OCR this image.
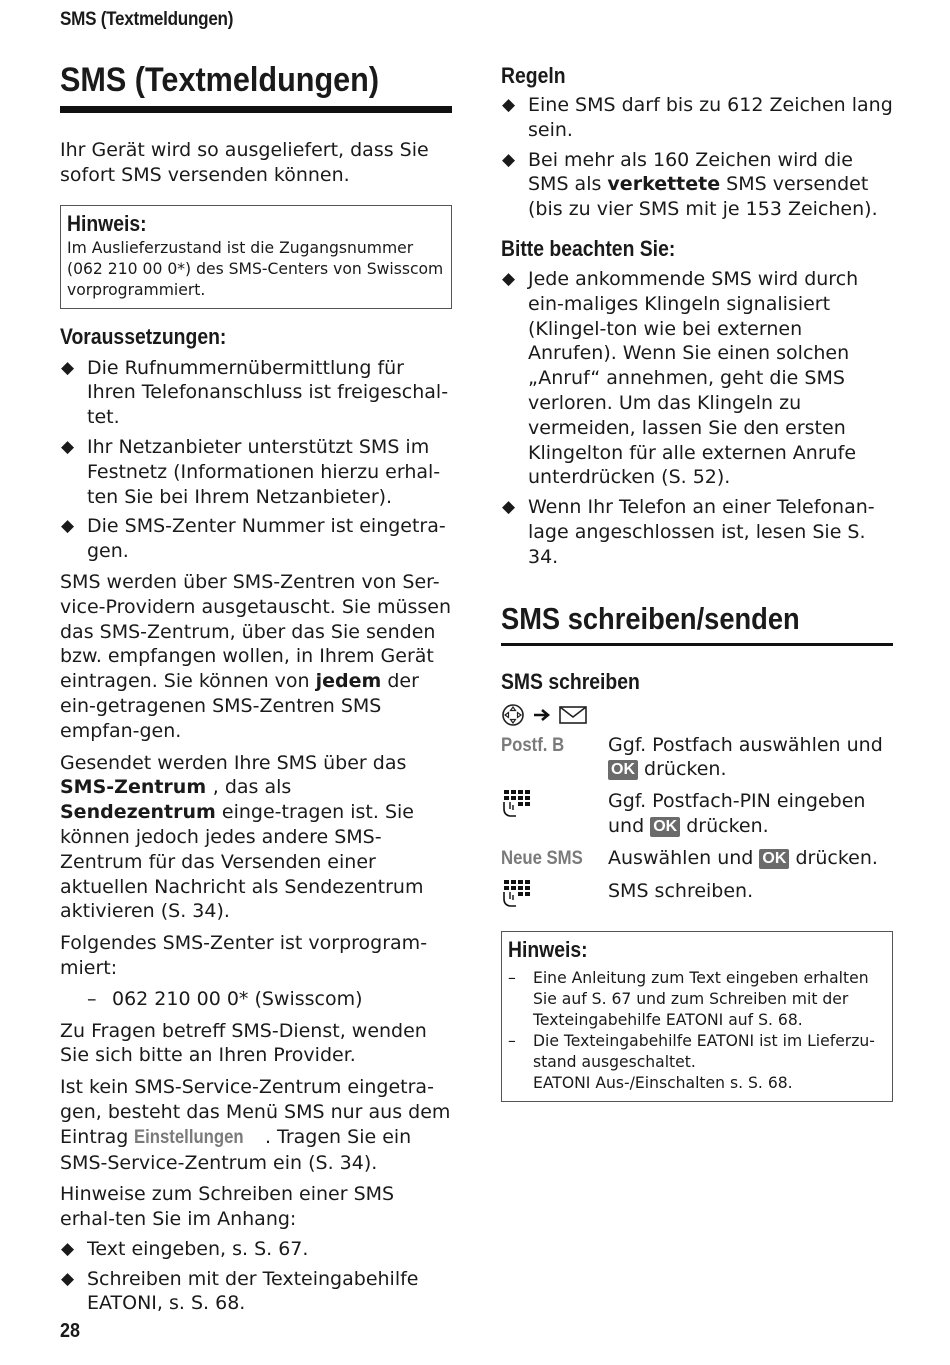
SMS (Textmeldungen)
SMS (Textmeldungen)

Ihr Gerät wird so ausgeliefert, dass Sie sofort SMS versenden können.

Hinweis:

Im Auslieferzustand ist die Zugangsnummer (062 210 00 0*) des SMS-Centers von Swisscom vorprogrammiert.

Voraussetzungen:
◆ Die Rufnummernübermittlung für Ihren Telefonanschluss ist freigeschal-tet.
◆ Ihr Netzanbieter unterstützt SMS im Festnetz (Informationen hierzu erhal-ten Sie bei Ihrem Netzanbieter).
◆ Die SMS-Zenter Nummer ist eingetra-gen.

SMS werden über SMS-Zentren von Ser-vice-Providern ausgetauscht. Sie müssen das SMS-Zentrum, über das Sie senden bzw. empfangen wollen, in Ihrem Gerät eintragen. Sie können von jedem der ein-getragenen SMS-Zentren SMS empfan-gen.

Gesendet werden Ihre SMS über das SMS-Zentrum , das als Sendezentrum einge-tragen ist. Sie können jedoch jedes andere SMS-Zentrum für das Versenden einer aktuellen Nachricht als Sendezentrum aktivieren (S. 34).

Folgendes SMS-Zenter ist vorprogram-miert:

– 062 210 00 0* (Swisscom)

Zu Fragen betreff SMS-Dienst, wenden Sie sich bitte an Ihren Provider.

Ist kein SMS-Service-Zentrum eingetra-gen, besteht das Menü SMS nur aus dem Eintrag Einstellungen . Tragen Sie ein SMS-Service-Zentrum ein (S. 34).

Hinweise zum Schreiben einer SMS erhal-ten Sie im Anhang:

◆ Text eingeben, s. S. 67.
◆ Schreiben mit der Texteingabehilfe EATONI, s. S. 68.
Regeln
◆ Eine SMS darf bis zu 612 Zeichen lang sein.
◆ Bei mehr als 160 Zeichen wird die SMS als verkettete SMS versendet (bis zu vier SMS mit je 153 Zeichen).
Bitte beachten Sie:
◆ Jede ankommende SMS wird durch ein-maliges Klingeln signalisiert (Klingel-ton wie bei externen Anrufen). Wenn Sie einen solchen „Anruf“ annehmen, geht die SMS verloren. Um das Klingeln zu vermeiden, lassen Sie den ersten Klingelton für alle externen Anrufe unterdrücken (S. 52).
◆ Wenn Ihr Telefon an einer Telefonan-lage angeschlossen ist, lesen Sie S. 34.
SMS schreiben/senden
SMS schreiben
Postf. B	Ggf. Postfach auswählen und
OK drücken.
Ggf. Postfach-PIN eingeben und OK drücken.
Neue SMS	Auswählen und OK drücken.
SMS schreiben.
Hinweis:
– Eine Anleitung zum Text eingeben erhalten Sie auf S. 67 und zum Schreiben mit der Texteingabehilfe EATONI auf S. 68.
– Die Texteingabehilfe EATONI ist im Lieferzu-stand ausgeschaltet.
EATONI Aus-/Einschalten s. S. 68.
28
